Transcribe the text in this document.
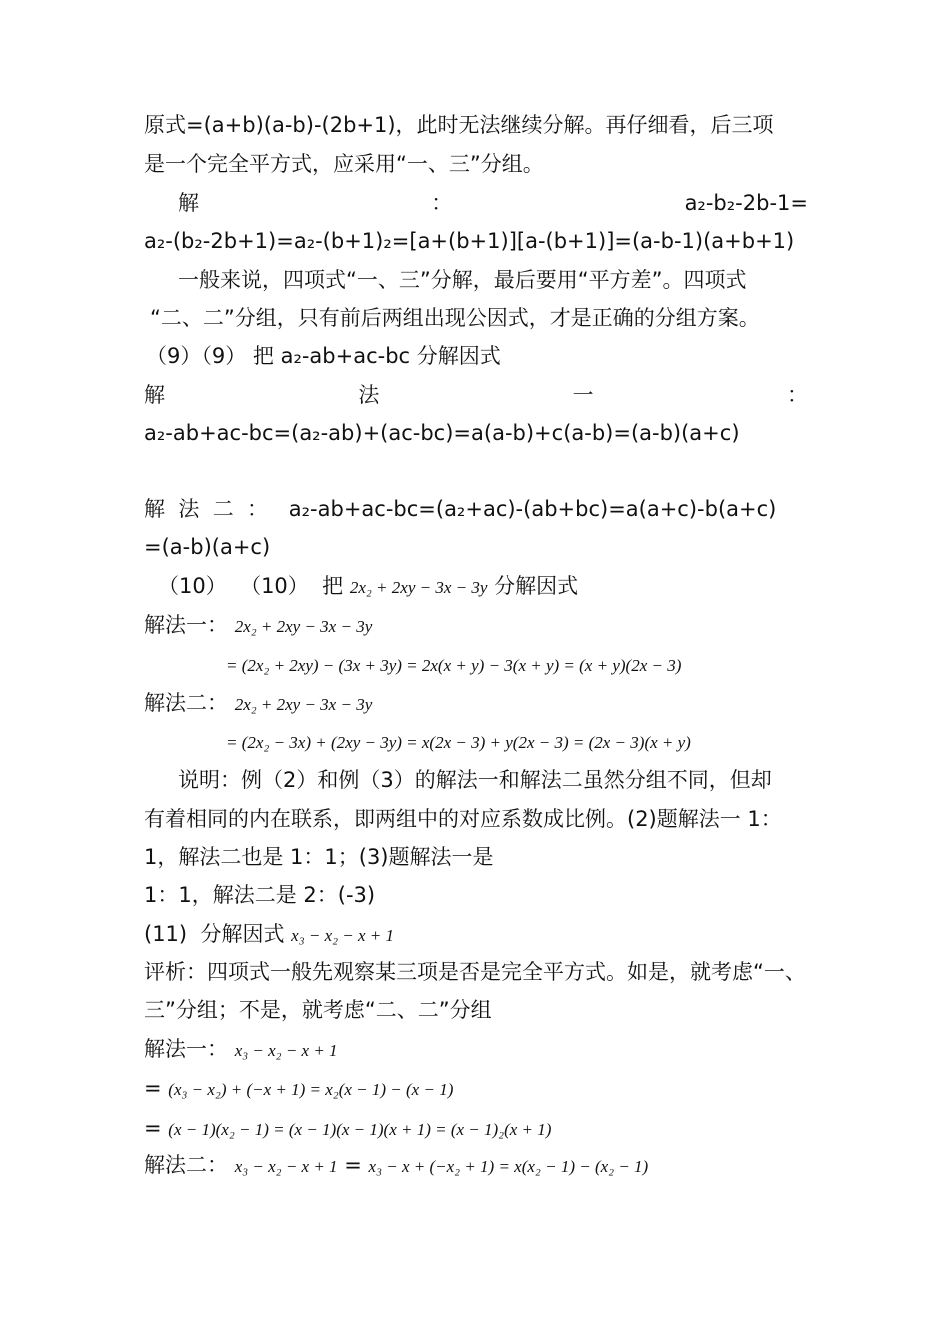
原式=(a+b)(a-b)-(2b+1)，此时无法继续分解。再仔细看，后三项
是一个完全平方式，应采用“一、三”分组。
解	：	a₂-b₂-2b-1=
a₂-(b₂-2b+1)=a₂-(b+1)₂=[a+(b+1)][a-(b+1)]=(a-b-1)(a+b+1)
一般来说，四项式“一、三”分解，最后要用“平方差”。四项式
“二、二”分组，只有前后两组出现公因式，才是正确的分组方案。
（9）（9） 把 a₂-ab+ac-bc 分解因式
解	法	一	：
a₂-ab+ac-bc=(a₂-ab)+(ac-bc)=a(a-b)+c(a-b)=(a-b)(a+c)
解  法  二  ： a₂-ab+ac-bc=(a₂+ac)-(ab+bc)=a(a+c)-b(a+c)
=(a-b)(a+c)
（10）  （10）  把 2x₂ + 2xy − 3x − 3y 分解因式
解法一： 2x₂ + 2xy − 3x − 3y
= (2x₂ + 2xy) − (3x + 3y) = 2x(x + y) − 3(x + y) = (x + y)(2x − 3)
解法二： 2x₂ + 2xy − 3x − 3y
= (2x₂ − 3x) + (2xy − 3y) = x(2x − 3) + y(2x − 3) = (2x − 3)(x + y)
说明：例（2）和例（3）的解法一和解法二虽然分组不同，但却
有着相同的内在联系，即两组中的对应系数成比例。(2)题解法一 1：
1，解法二也是 1：1；(3)题解法一是
1：1，解法二是 2：(-3)
(11)  分解因式 x₃ − x₂ − x + 1
评析：四项式一般先观察某三项是否是完全平方式。如是，就考虑“一、
三”分组；不是，就考虑“二、二”分组
解法一： x₃ − x₂ − x + 1
= (x₃ − x₂) + (−x + 1) = x₂(x − 1) − (x − 1)
= (x − 1)(x₂ − 1) = (x − 1)(x − 1)(x + 1) = (x − 1)₂(x + 1)
解法二： x₃ − x₂ − x + 1 = x₃ − x + (−x₂ + 1) = x(x₂ − 1) − (x₂ − 1)
